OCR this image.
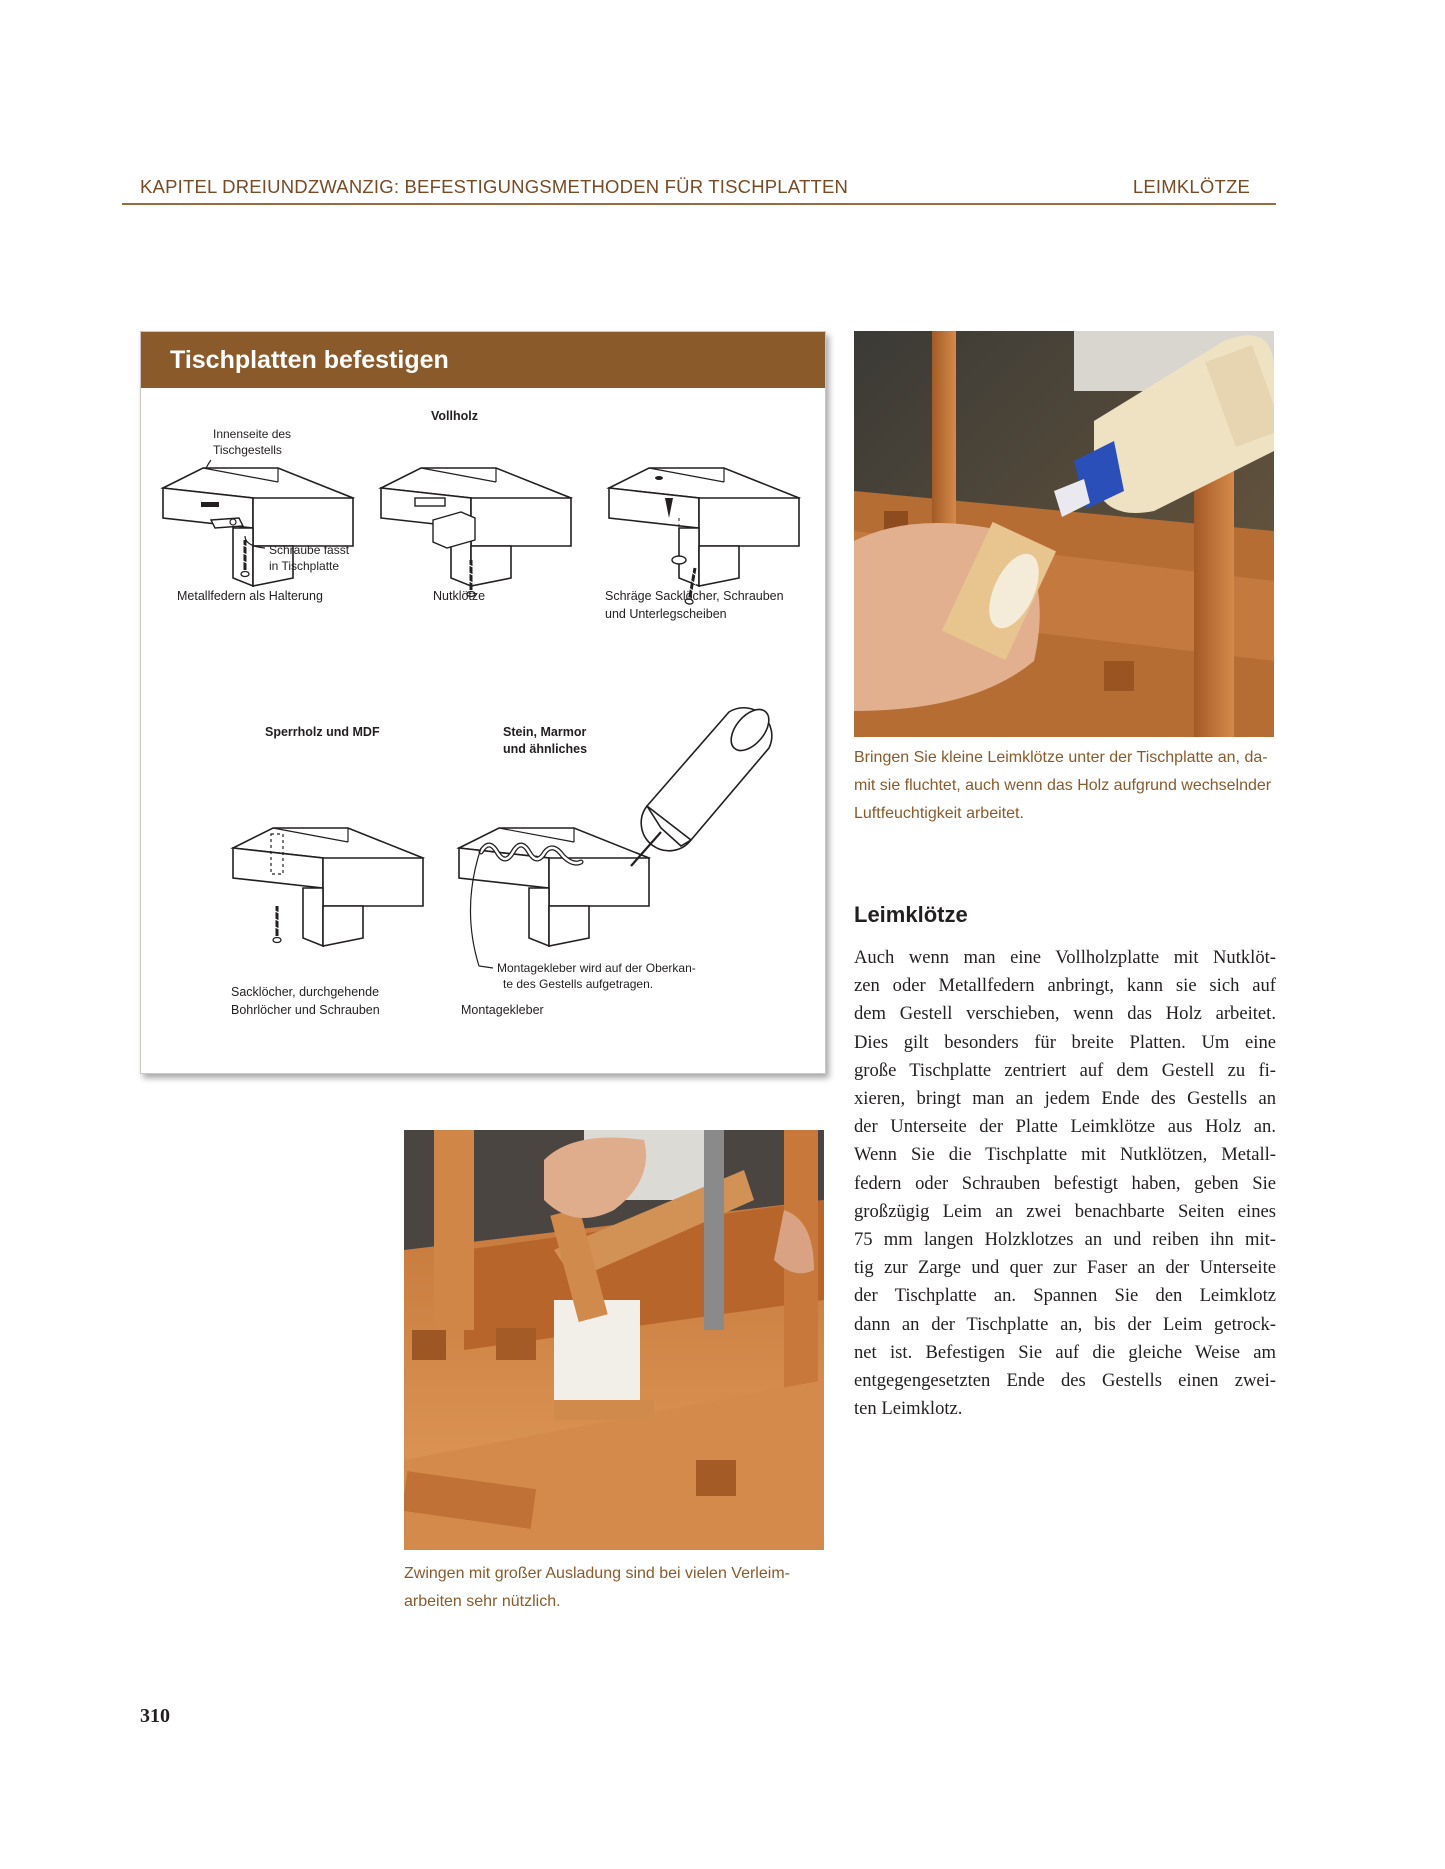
KAPITEL DREIUNDZWANZIG: BEFESTIGUNGSMETHODEN FÜR TISCHPLATTEN	LEIMKLÖTZE
Tischplatten befestigen
Vollholz
Innenseite des
Tischgestells
Schraube fasst
in Tischplatte
Metallfedern als Halterung	Nutklötze	Schräge Sacklöcher, Schrauben
und Unterlegscheiben
Sperrholz und MDF	Stein, Marmor
und ähnliches
Sacklöcher, durchgehende
Bohrlöcher und Schrauben
Montagekleber wird auf der Oberkan-
te des Gestells aufgetragen.
Montagekleber
Bringen Sie kleine Leimklötze unter der Tischplatte an, da-
mit sie fluchtet, auch wenn das Holz aufgrund wechselnder
Luftfeuchtigkeit arbeitet.
Leimklötze
Auch wenn man eine Vollholzplatte mit Nutklöt-
zen oder Metallfedern anbringt, kann sie sich auf
dem Gestell verschieben, wenn das Holz arbeitet.
Dies gilt besonders für breite Platten. Um eine
große Tischplatte zentriert auf dem Gestell zu fi-
xieren, bringt man an jedem Ende des Gestells an
der Unterseite der Platte Leimklötze aus Holz an.
Wenn Sie die Tischplatte mit Nutklötzen, Metall-
federn oder Schrauben befestigt haben, geben Sie
großzügig Leim an zwei benachbarte Seiten eines
75 mm langen Holzklotzes an und reiben ihn mit-
tig zur Zarge und quer zur Faser an der Unterseite
der Tischplatte an. Spannen Sie den Leimklotz
dann an der Tischplatte an, bis der Leim getrock-
net ist. Befestigen Sie auf die gleiche Weise am
entgegengesetzten Ende des Gestells einen zwei-
ten Leimklotz.
Zwingen mit großer Ausladung sind bei vielen Verleim-
arbeiten sehr nützlich.
310
